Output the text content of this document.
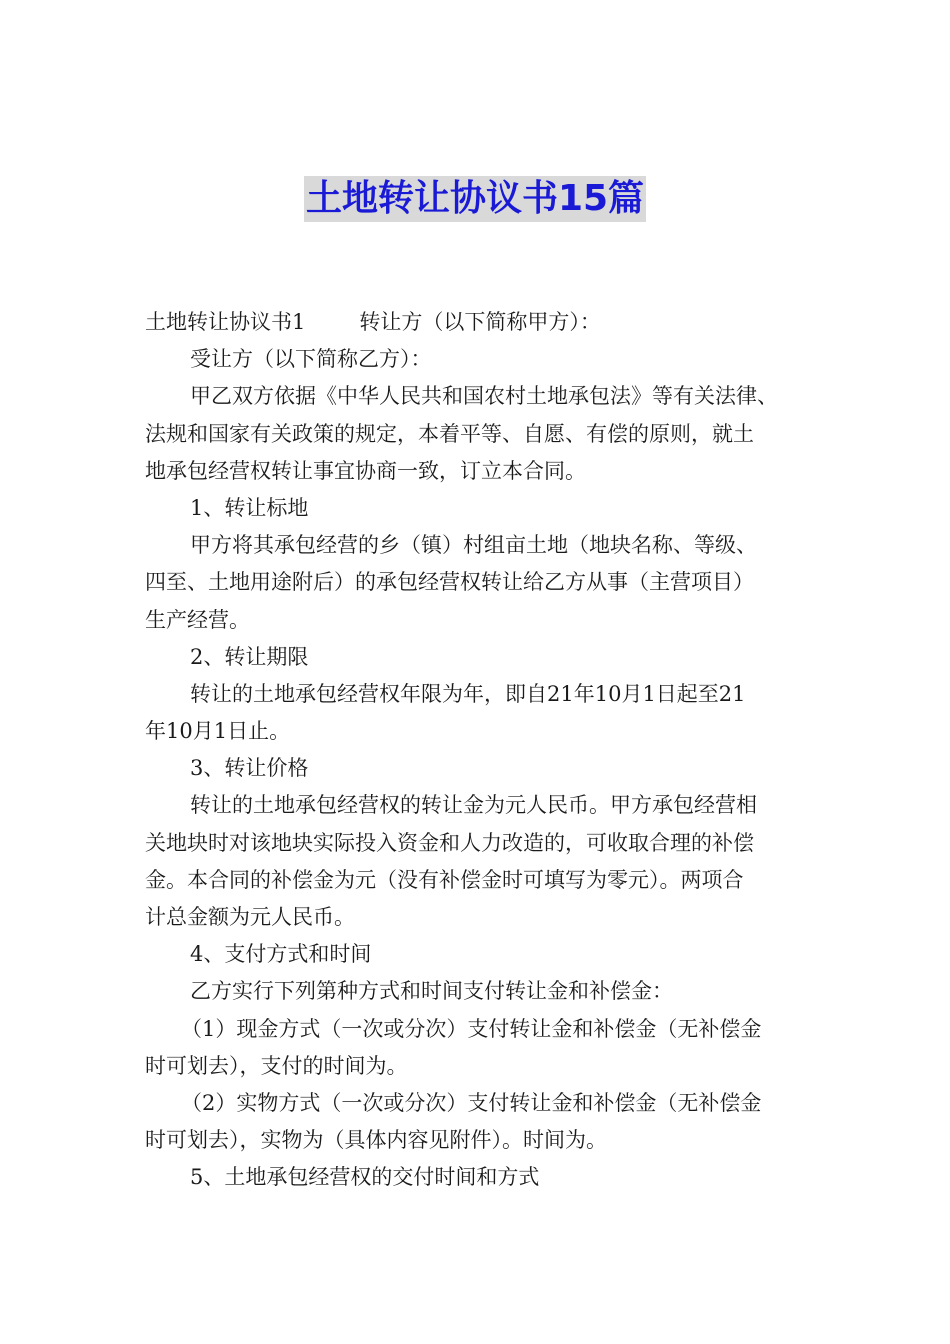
土地转让协议书15篇
土地转让协议书1	转让方（以下简称甲方）：
受让方（以下简称乙方）：
甲乙双方依据《中华人民共和国农村土地承包法》等有关法律、
法规和国家有关政策的规定，本着平等、自愿、有偿的原则，就土
地承包经营权转让事宜协商一致，订立本合同。
1、转让标地
甲方将其承包经营的乡（镇）村组亩土地（地块名称、等级、
四至、土地用途附后）的承包经营权转让给乙方从事（主营项目）
生产经营。
2、转让期限
转让的土地承包经营权年限为年，即自21年10月1日起至21
年10月1日止。
3、转让价格
转让的土地承包经营权的转让金为元人民币。甲方承包经营相
关地块时对该地块实际投入资金和人力改造的，可收取合理的补偿
金。本合同的补偿金为元（没有补偿金时可填写为零元）。两项合
计总金额为元人民币。
4、支付方式和时间
乙方实行下列第种方式和时间支付转让金和补偿金：
（1）现金方式（一次或分次）支付转让金和补偿金（无补偿金
时可划去），支付的时间为。
（2）实物方式（一次或分次）支付转让金和补偿金（无补偿金
时可划去），实物为（具体内容见附件）。时间为。
5、土地承包经营权的交付时间和方式
